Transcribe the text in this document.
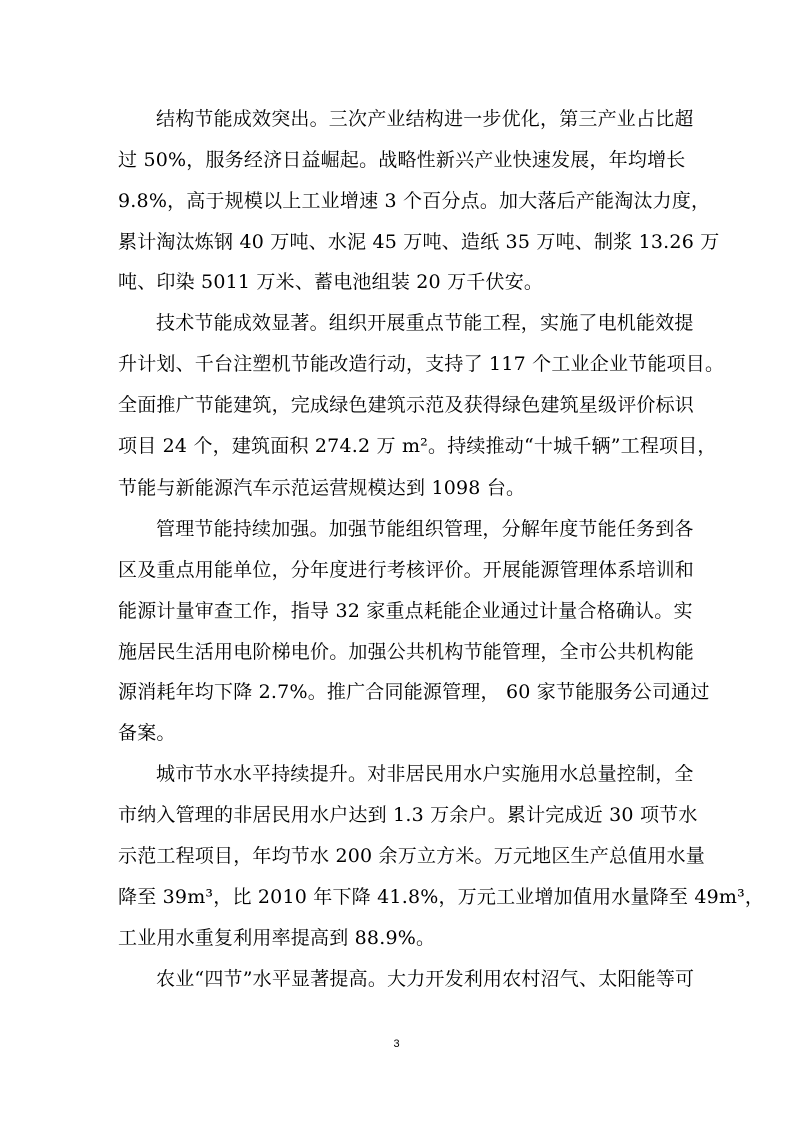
结构节能成效突出。三次产业结构进一步优化，第三产业占比超
过 50%，服务经济日益崛起。战略性新兴产业快速发展，年均增长
9.8%，高于规模以上工业增速 3 个百分点。加大落后产能淘汰力度，
累计淘汰炼钢 40 万吨、水泥 45 万吨、造纸 35 万吨、制浆 13.26 万
吨、印染 5011 万米、蓄电池组装 20 万千伏安。
技术节能成效显著。组织开展重点节能工程，实施了电机能效提
升计划、千台注塑机节能改造行动，支持了 117 个工业企业节能项目。
全面推广节能建筑，完成绿色建筑示范及获得绿色建筑星级评价标识
项目 24 个，建筑面积 274.2 万 m²。持续推动“十城千辆”工程项目，
节能与新能源汽车示范运营规模达到 1098 台。
管理节能持续加强。加强节能组织管理，分解年度节能任务到各
区及重点用能单位，分年度进行考核评价。开展能源管理体系培训和
能源计量审查工作，指导 32 家重点耗能企业通过计量合格确认。实
施居民生活用电阶梯电价。加强公共机构节能管理，全市公共机构能
源消耗年均下降 2.7%。推广合同能源管理， 60 家节能服务公司通过
备案。
城市节水水平持续提升。对非居民用水户实施用水总量控制，全
市纳入管理的非居民用水户达到 1.3 万余户。累计完成近 30 项节水
示范工程项目，年均节水 200 余万立方米。万元地区生产总值用水量
降至 39m³，比 2010 年下降 41.8%，万元工业增加值用水量降至 49m³，
工业用水重复利用率提高到 88.9%。
农业“四节”水平显著提高。大力开发利用农村沼气、太阳能等可
3
